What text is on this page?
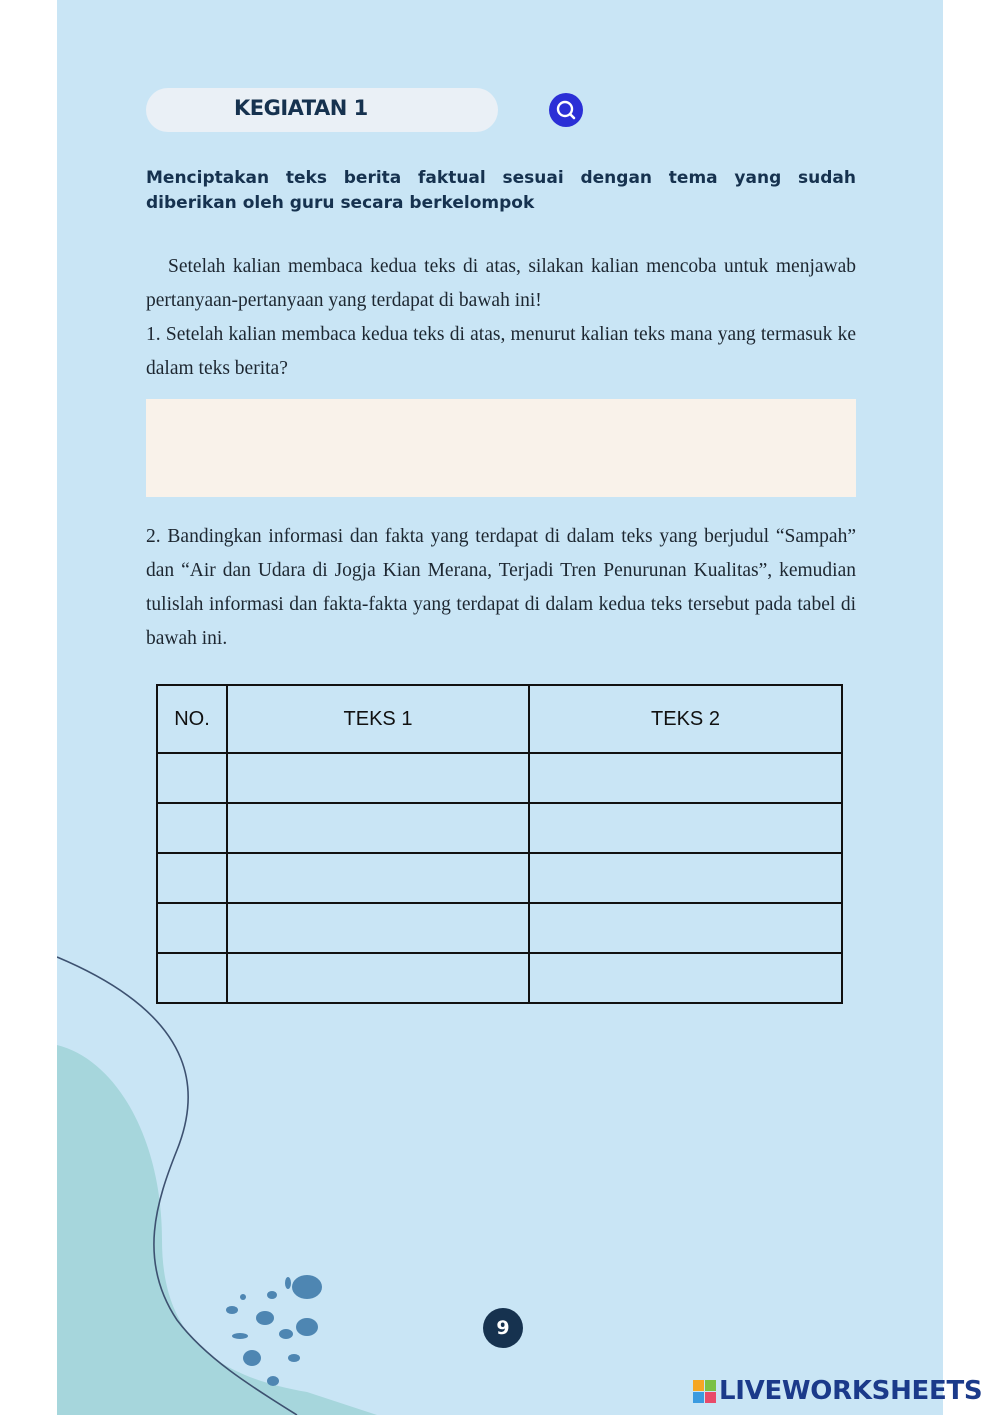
KEGIATAN 1
Menciptakan teks berita faktual sesuai dengan tema yang sudah diberikan oleh guru secara berkelompok
Setelah kalian membaca kedua teks di atas, silakan kalian mencoba untuk menjawab pertanyaan-pertanyaan yang terdapat di bawah ini!
1. Setelah kalian membaca kedua teks di atas, menurut kalian teks mana yang termasuk ke dalam teks berita?
2. Bandingkan informasi dan fakta yang terdapat di dalam teks yang berjudul “Sampah” dan “Air dan Udara di Jogja Kian Merana, Terjadi Tren Penurunan Kualitas”, kemudian tulislah informasi dan fakta-fakta yang terdapat di dalam kedua teks tersebut pada tabel di bawah ini.
NO.	TEKS 1	TEKS 2

9
LIVEWORKSHEETS
